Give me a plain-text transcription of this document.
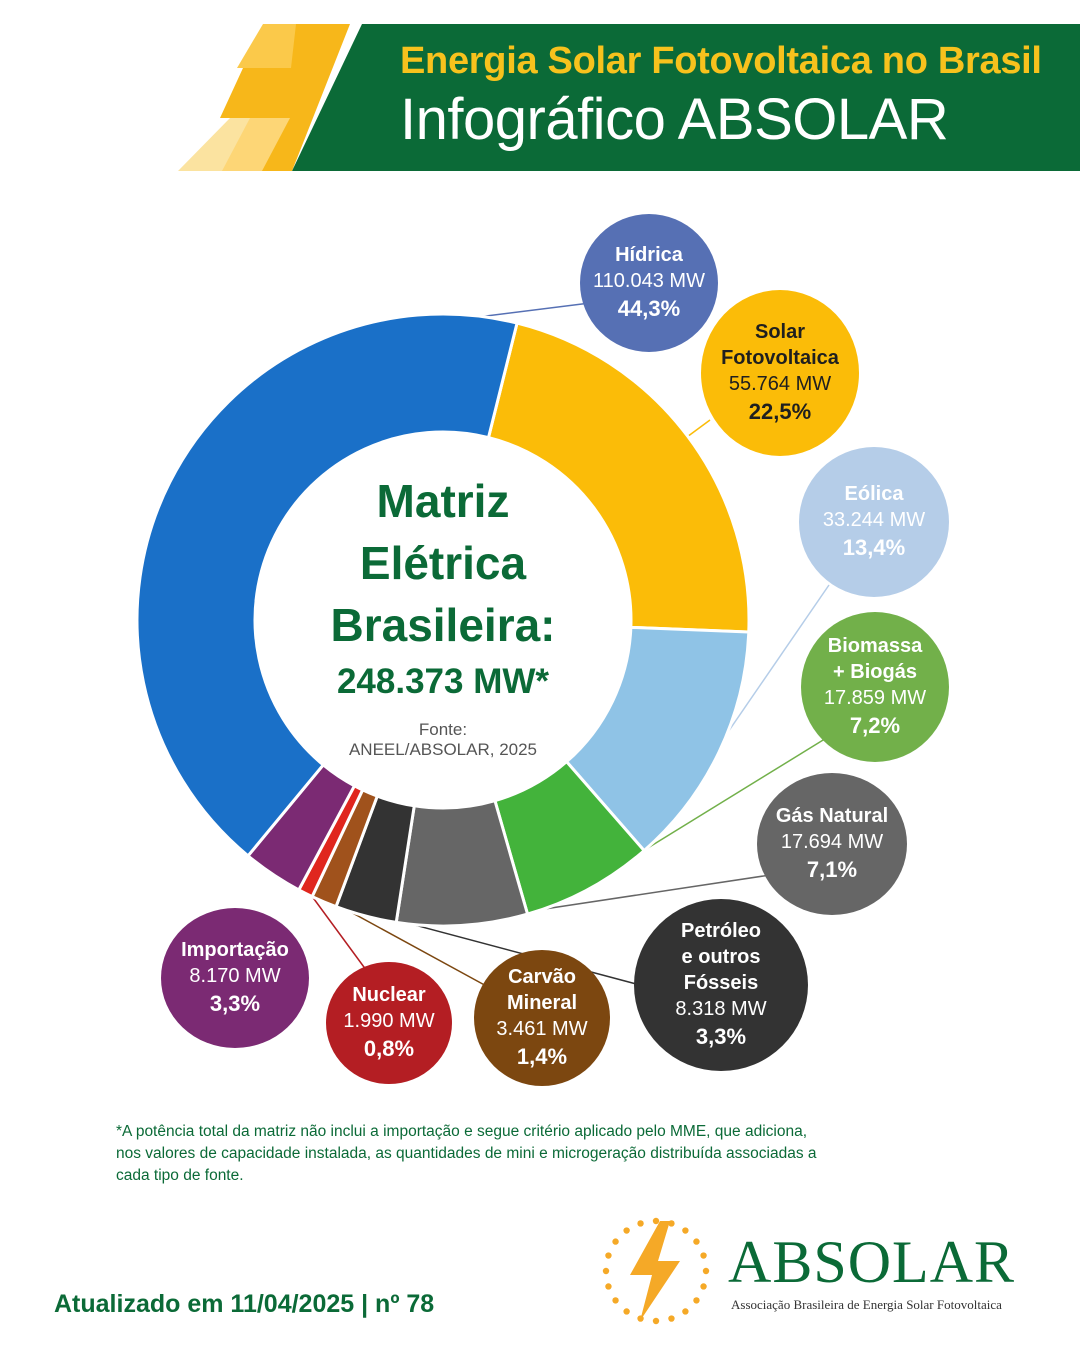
Energia Solar Fotovoltaica no Brasil
Infográfico ABSOLAR
Matriz
Elétrica
Brasileira:
248.373 MW*
Fonte:
ANEEL/ABSOLAR, 2025
Hídrica
110.043 MW
44,3%
Solar
Fotovoltaica
55.764 MW
22,5%
Eólica
33.244 MW
13,4%
Biomassa
+ Biogás
17.859 MW
7,2%
Gás Natural
17.694 MW
7,1%
Petróleo
e outros
Fósseis
8.318 MW
3,3%
Carvão
Mineral
3.461 MW
1,4%
Nuclear
1.990 MW
0,8%
Importação
8.170 MW
3,3%
*A potência total da matriz não inclui a importação e segue critério aplicado pelo MME, que adiciona,
nos valores de capacidade instalada, as quantidades de mini e microgeração distribuída associadas a
cada tipo de fonte.
Atualizado em 11/04/2025 | nº 78
ABSOLAR
Associação Brasileira de Energia Solar Fotovoltaica
